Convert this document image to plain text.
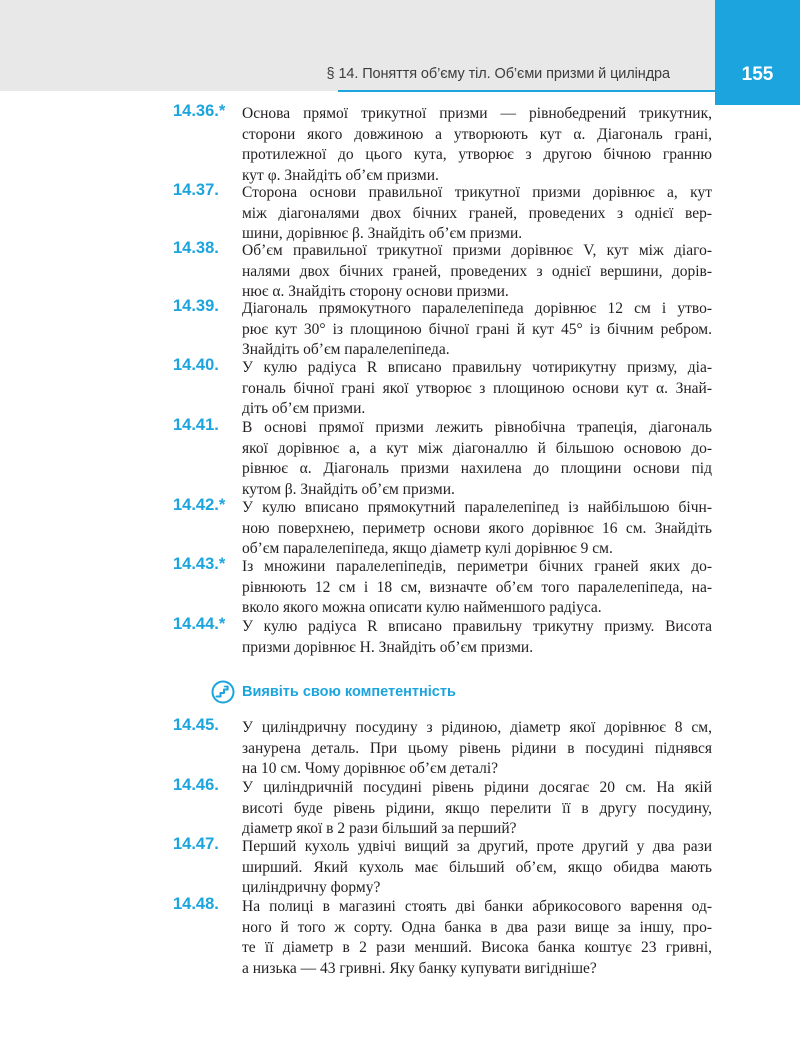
§ 14. Поняття об’єму тіл. Об’єми призми й циліндра	155
14.36.* Основа прямої трикутної призми — рівнобедрений трикутник,
сторони якого довжиною a утворюють кут α. Діагональ грані,
протилежної до цього кута, утворює з другою бічною гранню
кут φ. Знайдіть об’єм призми.
14.37. Сторона основи правильної трикутної призми дорівнює a, кут
між діагоналями двох бічних граней, проведених з однієї вер-
шини, дорівнює β. Знайдіть об’єм призми.
14.38. Об’єм правильної трикутної призми дорівнює V, кут між діаго-
налями двох бічних граней, проведених з однієї вершини, дорів-
нює α. Знайдіть сторону основи призми.
14.39. Діагональ прямокутного паралелепіпеда дорівнює 12 см і утво-
рює кут 30° із площиною бічної грані й кут 45° із бічним ребром.
Знайдіть об’єм паралелепіпеда.
14.40. У кулю радіуса R вписано правильну чотирикутну призму, діа-
гональ бічної грані якої утворює з площиною основи кут α. Знай-
діть об’єм призми.
14.41. В основі прямої призми лежить рівнобічна трапеція, діагональ
якої дорівнює a, а кут між діагоналлю й більшою основою до-
рівнює α. Діагональ призми нахилена до площини основи під
кутом β. Знайдіть об’єм призми.
14.42.* У кулю вписано прямокутний паралелепіпед із найбільшою бічн-
ною поверхнею, периметр основи якого дорівнює 16 см. Знайдіть
об’єм паралелепіпеда, якщо діаметр кулі дорівнює 9 см.
14.43.* Із множини паралелепіпедів, периметри бічних граней яких до-
рівнюють 12 см і 18 см, визначте об’єм того паралелепіпеда, на-
вколо якого можна описати кулю найменшого радіуса.
14.44.* У кулю радіуса R вписано правильну трикутну призму. Висота
призми дорівнює H. Знайдіть об’єм призми.
Виявіть свою компетентність
14.45. У циліндричну посудину з рідиною, діаметр якої дорівнює 8 см,
занурена деталь. При цьому рівень рідини в посудині піднявся
на 10 см. Чому дорівнює об’єм деталі?
14.46. У циліндричній посудині рівень рідини досягає 20 см. На якій
висоті буде рівень рідини, якщо перелити її в другу посудину,
діаметр якої в 2 рази більший за перший?
14.47. Перший кухоль удвічі вищий за другий, проте другий у два рази
ширший. Який кухоль має більший об’єм, якщо обидва мають
циліндричну форму?
14.48. На полиці в магазині стоять дві банки абрикосового варення од-
ного й того ж сорту. Одна банка в два рази вище за іншу, про-
те її діаметр в 2 рази менший. Висока банка коштує 23 гривні,
а низька — 43 гривні. Яку банку купувати вигідніше?
